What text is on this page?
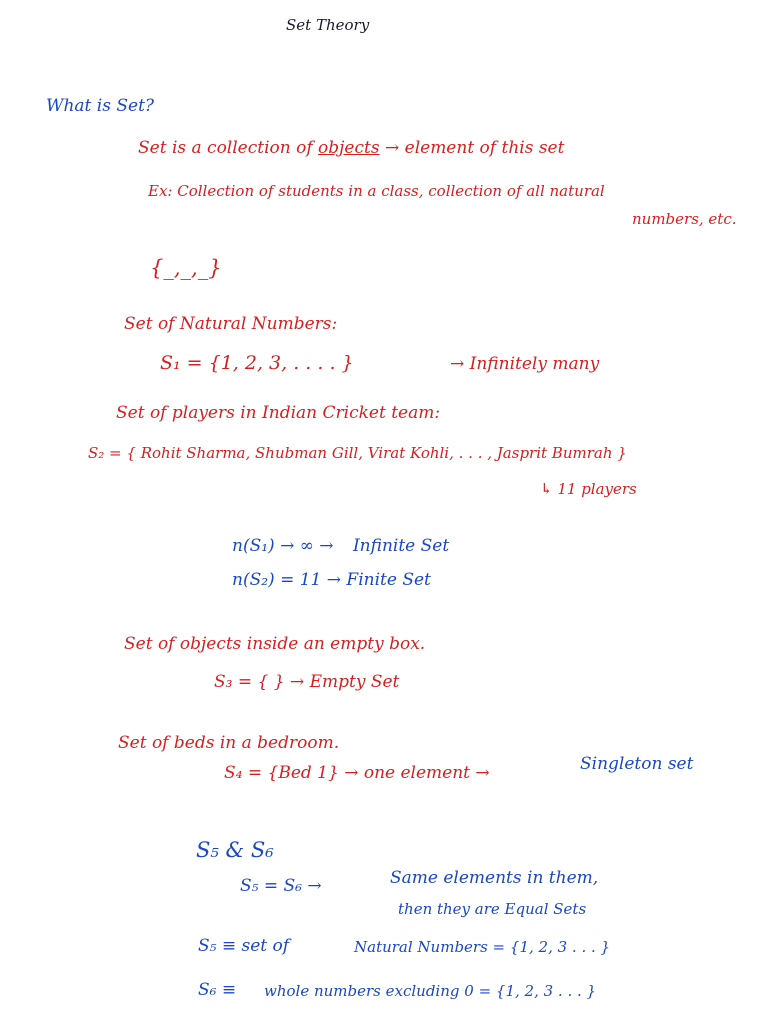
Set Theory
What is Set?
Set is a collection of objects → element of this set
Ex: Collection of students in a class, collection of all natural
numbers, etc.
{_,_,_}
Set of Natural Numbers:
S₁ = {1, 2, 3, . . . . }	→ Infinitely many
Set of players in Indian Cricket team:
S₂ = { Rohit Sharma, Shubman Gill, Virat Kohli, . . . , Jasprit Bumrah }
↳ 11 players
n(S₁) → ∞ → Infinite Set
n(S₂) = 11 → Finite Set
Set of objects inside an empty box.
S₃ = { } → Empty Set
Set of beds in a bedroom.
S₄ = {Bed 1} → one element →	Singleton set
S₅ & S₆
S₅ = S₆ →	Same elements in them,
then they are Equal Sets
S₅ ≡ set of	Natural Numbers = {1, 2, 3 . . . }
S₆ ≡ whole numbers excluding 0 = {1, 2, 3 . . . }
